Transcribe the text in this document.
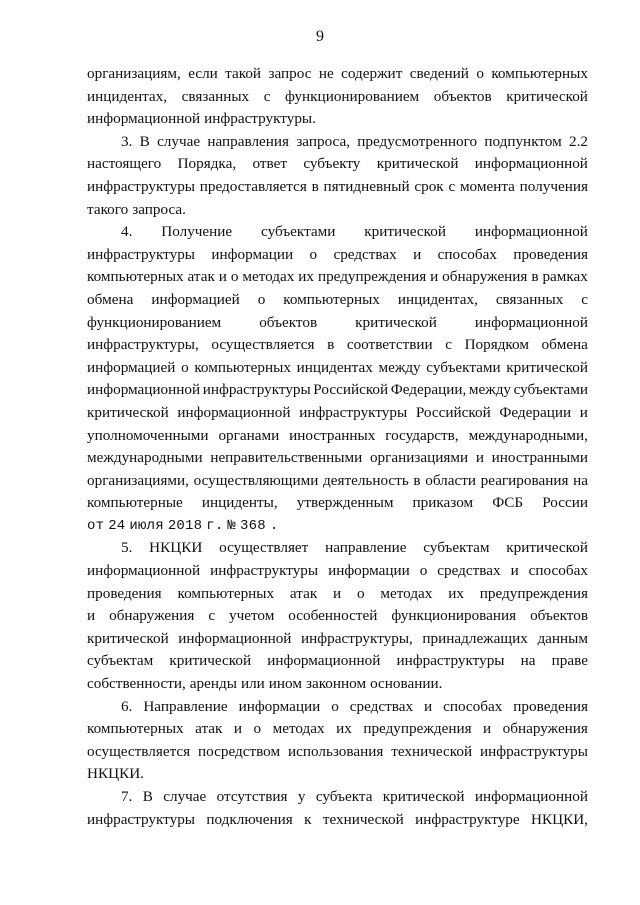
9
организациям, если такой запрос не содержит сведений о компьютерных
инцидентах, связанных с функционированием объектов критической
информационной инфраструктуры.
3. В случае направления запроса, предусмотренного подпунктом 2.2
настоящего Порядка, ответ субъекту критической информационной
инфраструктуры предоставляется в пятидневный срок с момента получения
такого запроса.
4. Получение субъектами критической информационной
инфраструктуры информации о средствах и способах проведения
компьютерных атак и о методах их предупреждения и обнаружения в рамках
обмена информацией о компьютерных инцидентах, связанных с
функционированием	объектов	критической	информационной
инфраструктуры, осуществляется в соответствии с Порядком обмена
информацией о компьютерных инцидентах между субъектами критической
информационной инфраструктуры Российской Федерации, между субъектами
критической информационной инфраструктуры Российской Федерации и
уполномоченными органами иностранных государств, международными,
международными неправительственными организациями и иностранными
организациями, осуществляющими деятельность в области реагирования на
компьютерные инциденты, утвержденным приказом ФСБ России
от 24 июля 2018 г. № 368 .
5. НКЦКИ осуществляет направление субъектам критической
информационной инфраструктуры информации о средствах и способах
проведения компьютерных атак и о методах их предупреждения
и обнаружения с учетом особенностей функционирования объектов
критической информационной инфраструктуры, принадлежащих данным
субъектам критической информационной инфраструктуры на праве
собственности, аренды или ином законном основании.
6. Направление информации о средствах и способах проведения
компьютерных атак и о методах их предупреждения и обнаружения
осуществляется посредством использования технической инфраструктуры
НКЦКИ.
7. В случае отсутствия у субъекта критической информационной
инфраструктуры подключения к технической инфраструктуре НКЦКИ,
